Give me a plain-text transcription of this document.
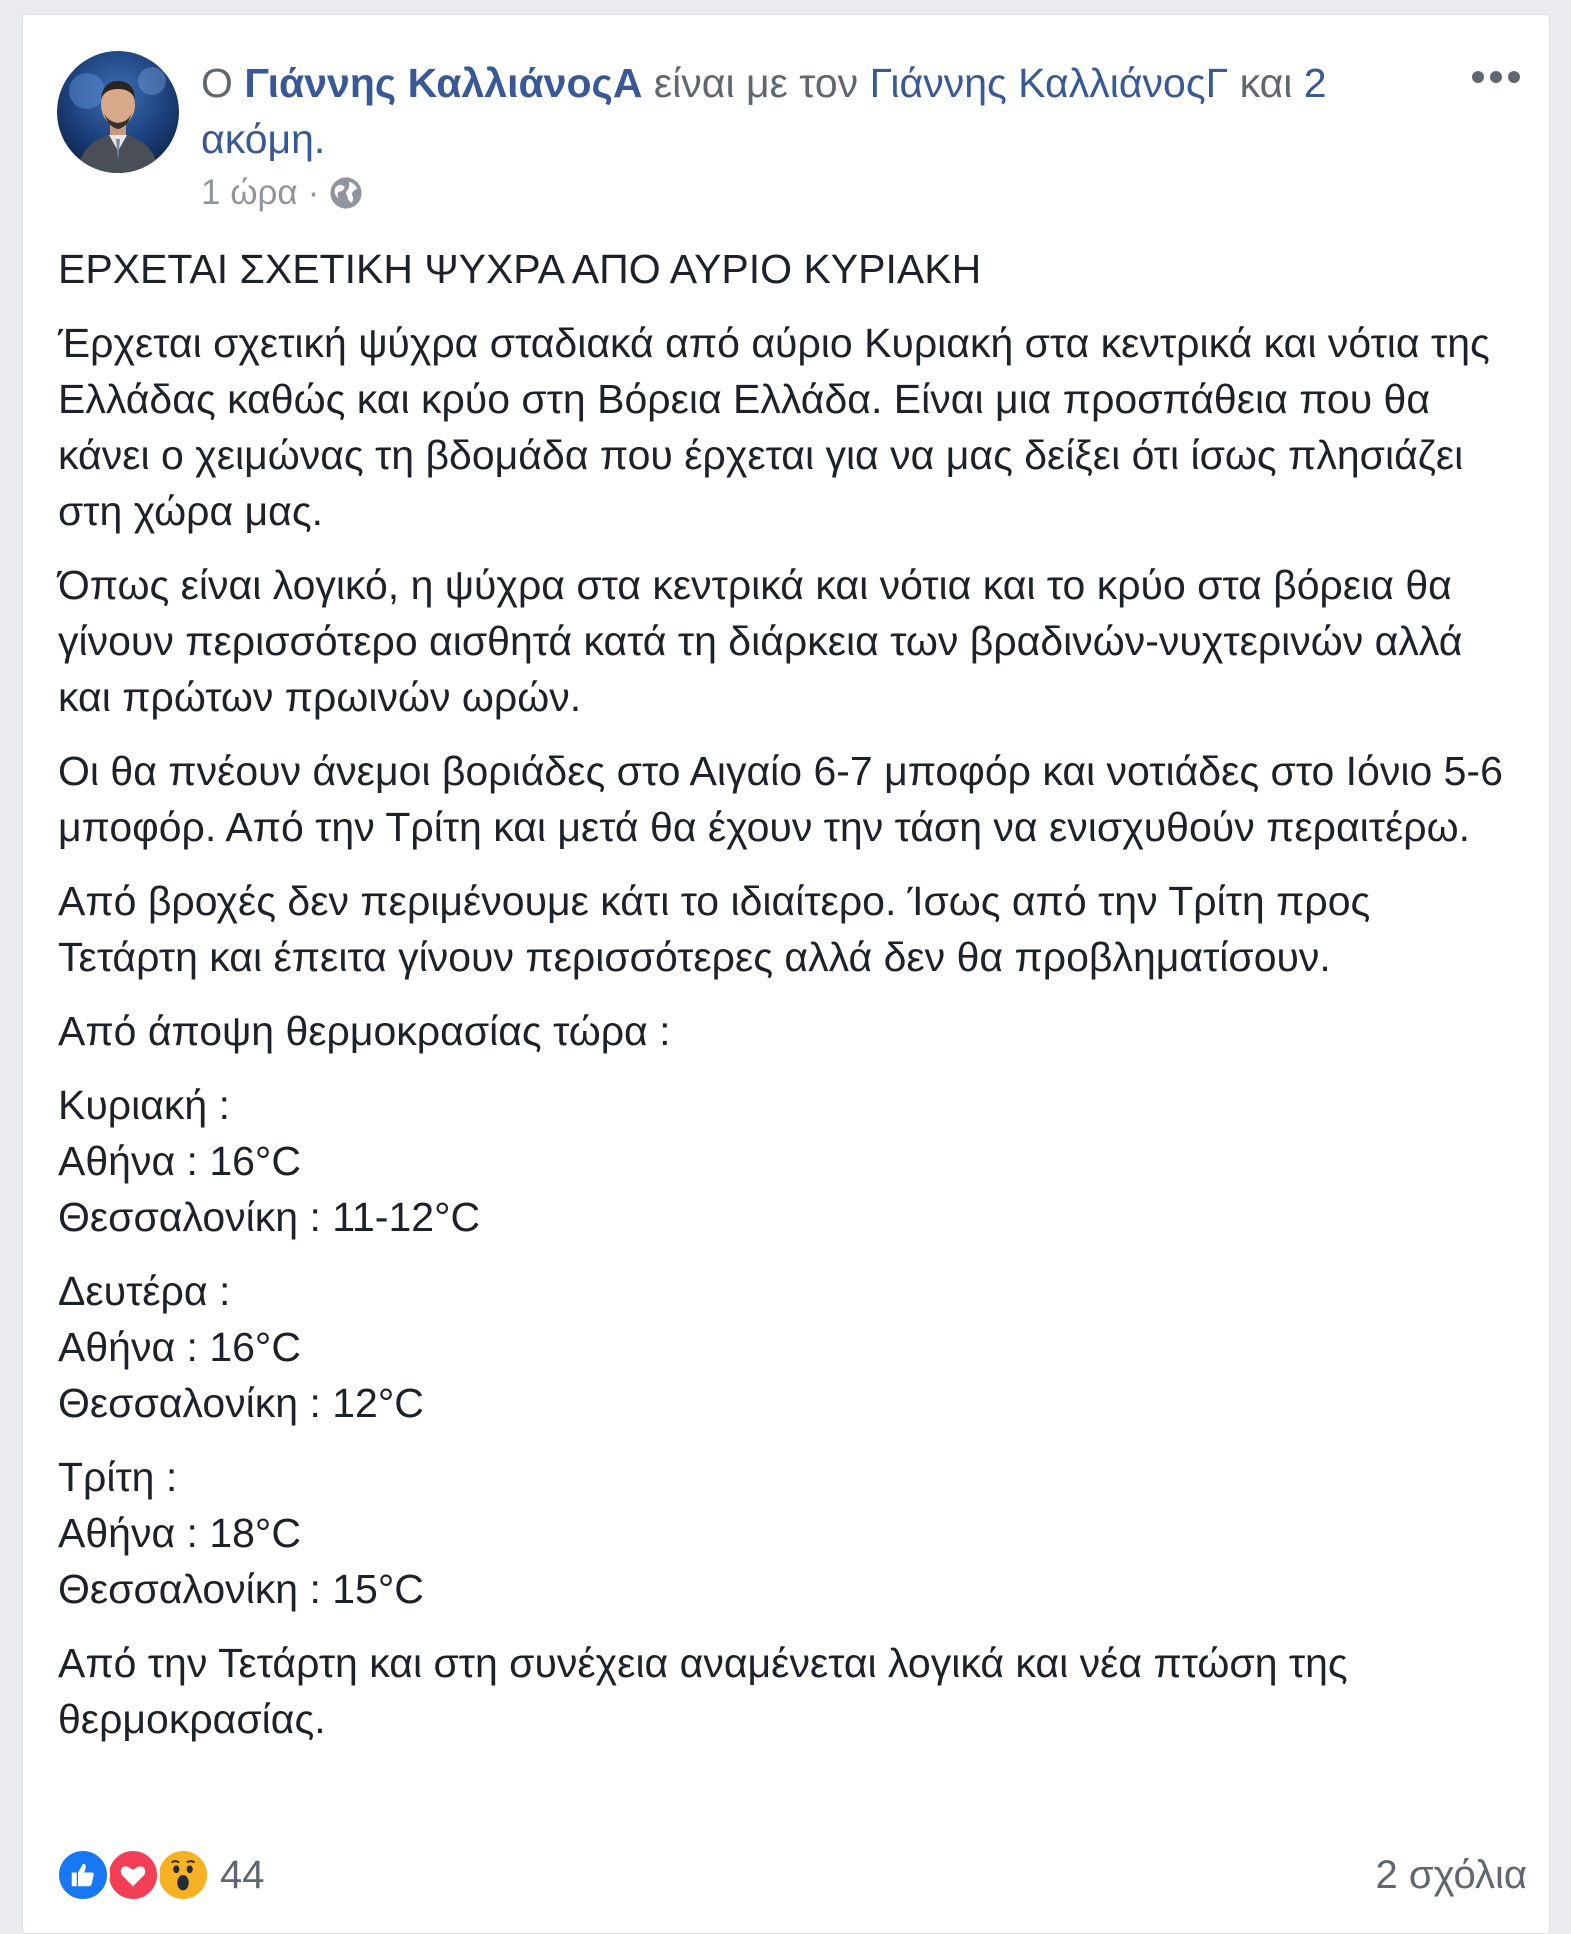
Ο Γιάννης ΚαλλιάνοςΑ είναι με τον Γιάννης ΚαλλιάνοςΓ και 2 ακόμη.
1 ώρα ·

ΕΡΧΕΤΑΙ ΣΧΕΤΙΚΗ ΨΥΧΡΑ ΑΠΟ ΑΥΡΙΟ ΚΥΡΙΑΚΗ

Έρχεται σχετική ψύχρα σταδιακά από αύριο Κυριακή στα κεντρικά και νότια της Ελλάδας καθώς και κρύο στη Βόρεια Ελλάδα. Είναι μια προσπάθεια που θα κάνει ο χειμώνας τη βδομάδα που έρχεται για να μας δείξει ότι ίσως πλησιάζει στη χώρα μας.

Όπως είναι λογικό, η ψύχρα στα κεντρικά και νότια και το κρύο στα βόρεια θα γίνουν περισσότερο αισθητά κατά τη διάρκεια των βραδινών-νυχτερινών αλλά και πρώτων πρωινών ωρών.

Οι θα πνέουν άνεμοι βοριάδες στο Αιγαίο 6-7 μποφόρ και νοτιάδες στο Ιόνιο 5-6 μποφόρ. Από την Τρίτη και μετά θα έχουν την τάση να ενισχυθούν περαιτέρω.

Από βροχές δεν περιμένουμε κάτι το ιδιαίτερο. Ίσως από την Τρίτη προς Τετάρτη και έπειτα γίνουν περισσότερες αλλά δεν θα προβληματίσουν.

Από άποψη θερμοκρασίας τώρα :

Κυριακή :

Αθήνα : 16°C

Θεσσαλονίκη : 11-12°C

Δευτέρα :

Αθήνα : 16°C

Θεσσαλονίκη : 12°C

Τρίτη :

Αθήνα : 18°C

Θεσσαλονίκη : 15°C

Από την Τετάρτη και στη συνέχεια αναμένεται λογικά και νέα πτώση της θερμοκρασίας.

44	2 σχόλια
